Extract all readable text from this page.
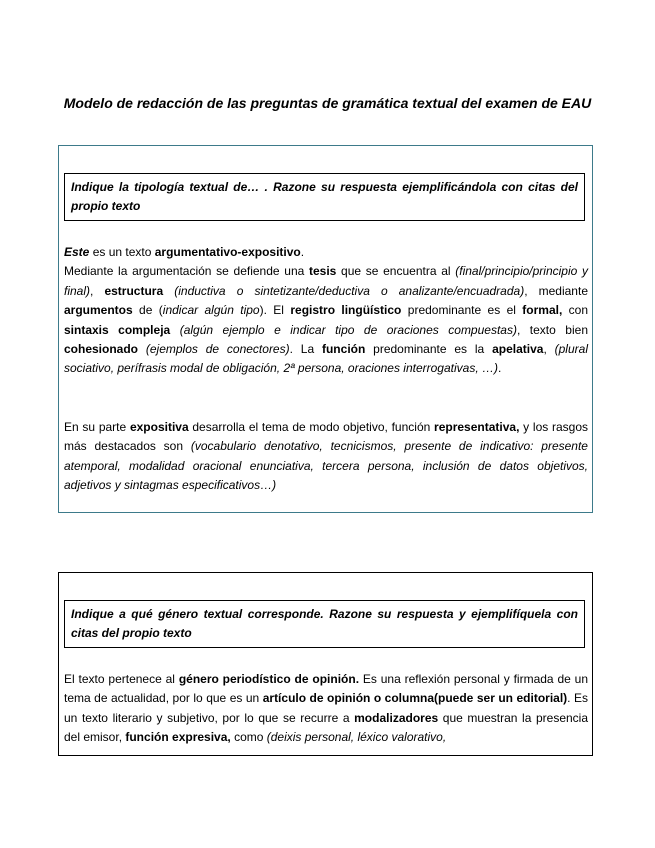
Modelo de redacción de las preguntas de gramática textual del examen de EAU
Indique la tipología textual de… . Razone su respuesta ejemplificándola con citas del propio texto
Este es un texto argumentativo-expositivo.
Mediante la argumentación se defiende una tesis que se encuentra al (final/principio/principio y final), estructura (inductiva o sintetizante/deductiva o analizante/encuadrada), mediante argumentos de (indicar algún tipo). El registro lingüístico predominante es el formal, con sintaxis compleja (algún ejemplo e indicar tipo de oraciones compuestas), texto bien cohesionado (ejemplos de conectores). La función predominante es la apelativa, (plural sociativo, perífrasis modal de obligación, 2ª persona, oraciones interrogativas, …).
En su parte expositiva desarrolla el tema de modo objetivo, función representativa, y los rasgos más destacados son (vocabulario denotativo, tecnicismos, presente de indicativo: presente atemporal, modalidad oracional enunciativa, tercera persona, inclusión de datos objetivos, adjetivos y sintagmas especificativos…)
Indique a qué género textual corresponde. Razone su respuesta y ejemplifíquela con citas del propio texto
El texto pertenece al género periodístico de opinión. Es una reflexión personal y firmada de un tema de actualidad, por lo que es un artículo de opinión o columna(puede ser un editorial). Es un texto literario y subjetivo, por lo que se recurre a modalizadores que muestran la presencia del emisor, función expresiva, como (deixis personal, léxico valorativo,
